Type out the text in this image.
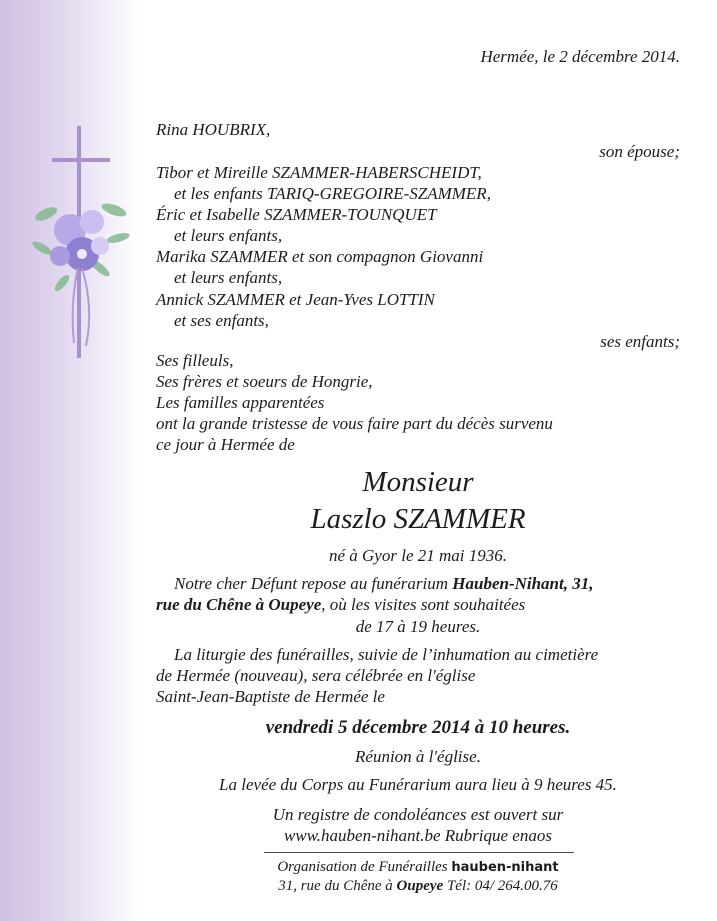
Hermée, le 2 décembre 2014.
Rina HOUBRIX,
son épouse;
Tibor et Mireille SZAMMER-HABERSCHEIDT,
et les enfants TARIQ-GREGOIRE-SZAMMER,
Éric et Isabelle SZAMMER-TOUNQUET
et leurs enfants,
Marika SZAMMER et son compagnon Giovanni
et leurs enfants,
Annick SZAMMER et Jean-Yves LOTTIN
et ses enfants,
ses enfants;
Ses filleuls,
Ses frères et soeurs de Hongrie,
Les familles apparentées
ont la grande tristesse de vous faire part du décès survenu
ce jour à Hermée de
Monsieur
Laszlo SZAMMER
né à Gyor le 21 mai 1936.
Notre cher Défunt repose au funérarium Hauben-Nihant, 31,
rue du Chêne à Oupeye, où les visites sont souhaitées
de 17 à 19 heures.
La liturgie des funérailles, suivie de l’inhumation au cimetière
de Hermée (nouveau), sera célébrée en l'église
Saint-Jean-Baptiste de Hermée le
vendredi 5 décembre 2014 à 10 heures.
Réunion à l'église.
La levée du Corps au Funérarium aura lieu à 9 heures 45.
Un registre de condoléances est ouvert sur
www.hauben-nihant.be Rubrique enaos
Organisation de Funérailles hauben-nihant
31, rue du Chêne à Oupeye Tél: 04/ 264.00.76
